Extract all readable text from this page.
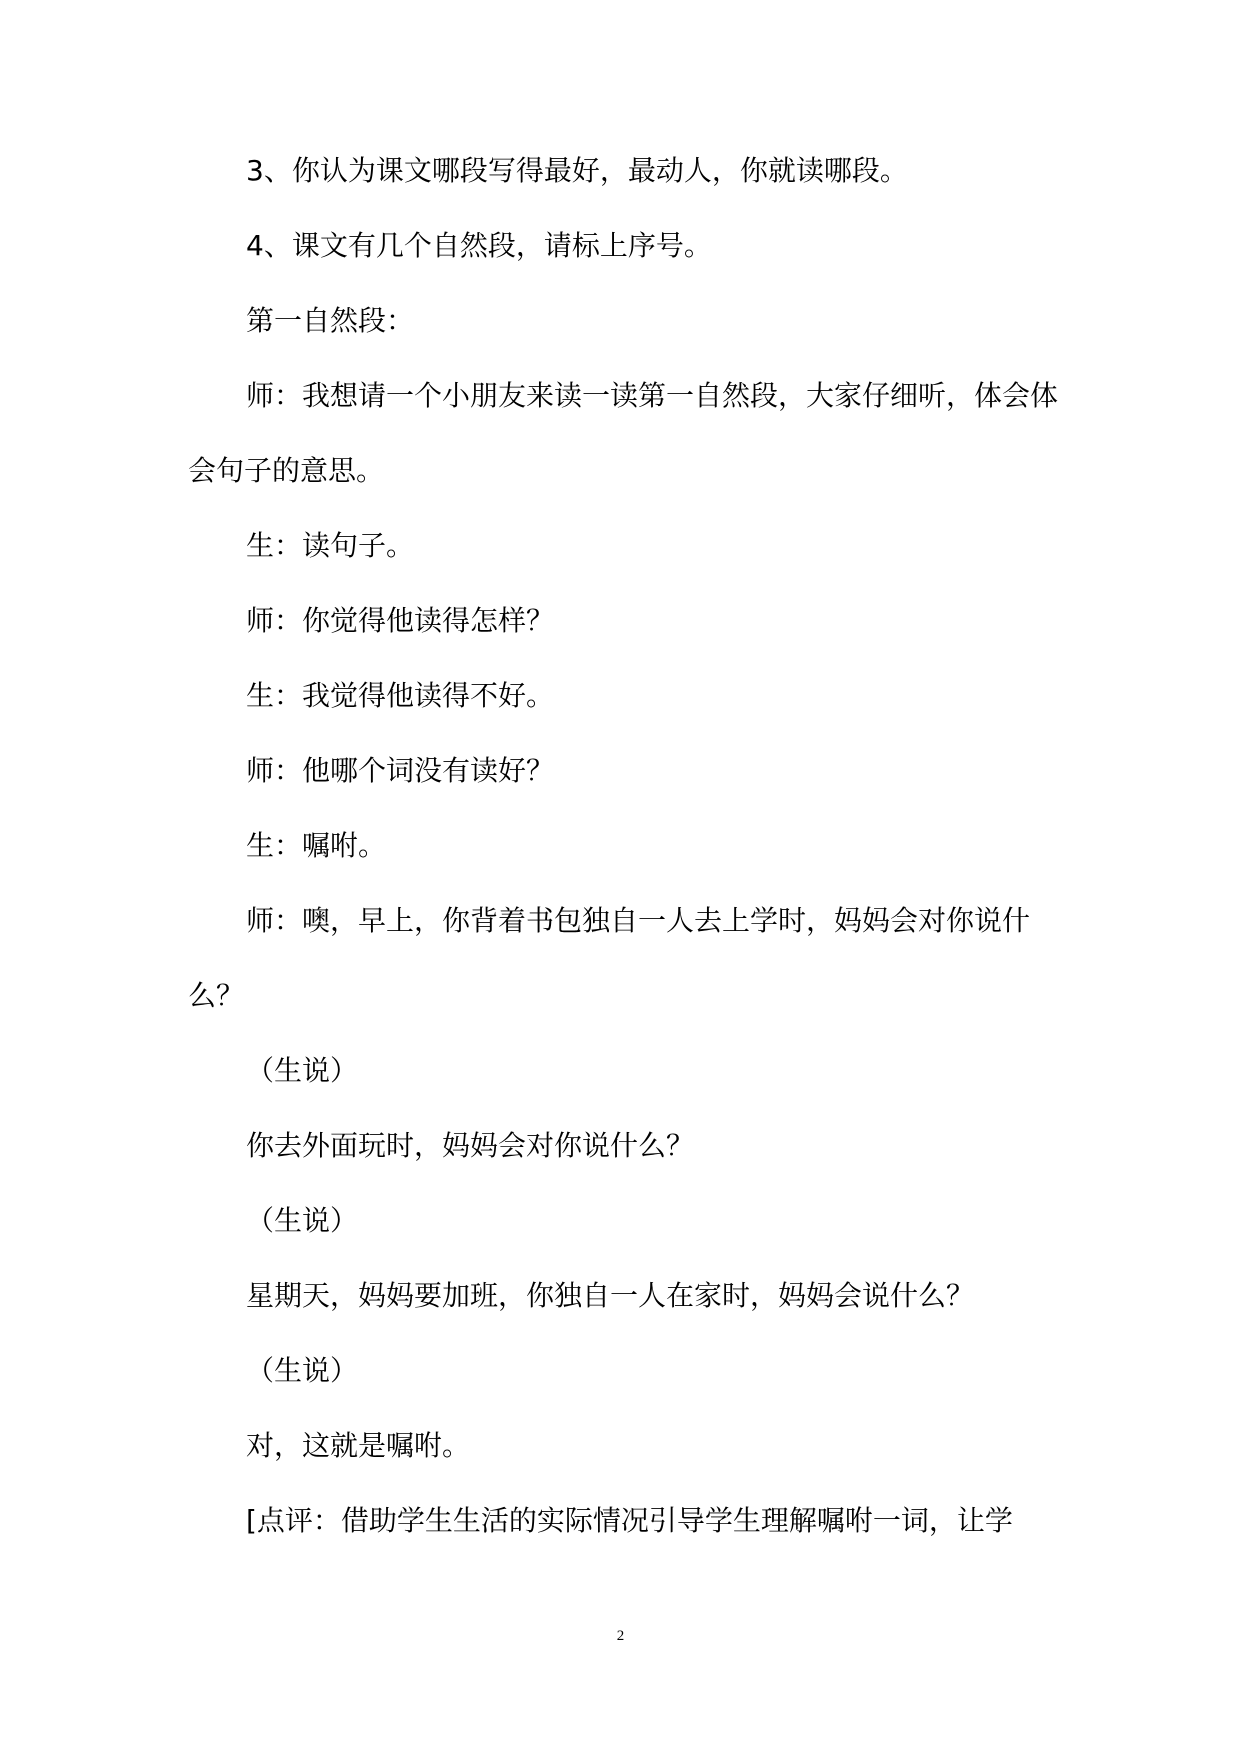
3、你认为课文哪段写得最好，最动人，你就读哪段。

4、课文有几个自然段，请标上序号。

第一自然段：

师：我想请一个小朋友来读一读第一自然段，大家仔细听，体会体会句子的意思。

生：读句子。

师：你觉得他读得怎样？

生：我觉得他读得不好。

师：他哪个词没有读好？

生：嘱咐。

师：噢，早上，你背着书包独自一人去上学时，妈妈会对你说什么？

（生说）

你去外面玩时，妈妈会对你说什么？

（生说）

星期天，妈妈要加班，你独自一人在家时，妈妈会说什么？

（生说）

对，这就是嘱咐。

[点评：借助学生生活的实际情况引导学生理解嘱咐一词，让学

2
